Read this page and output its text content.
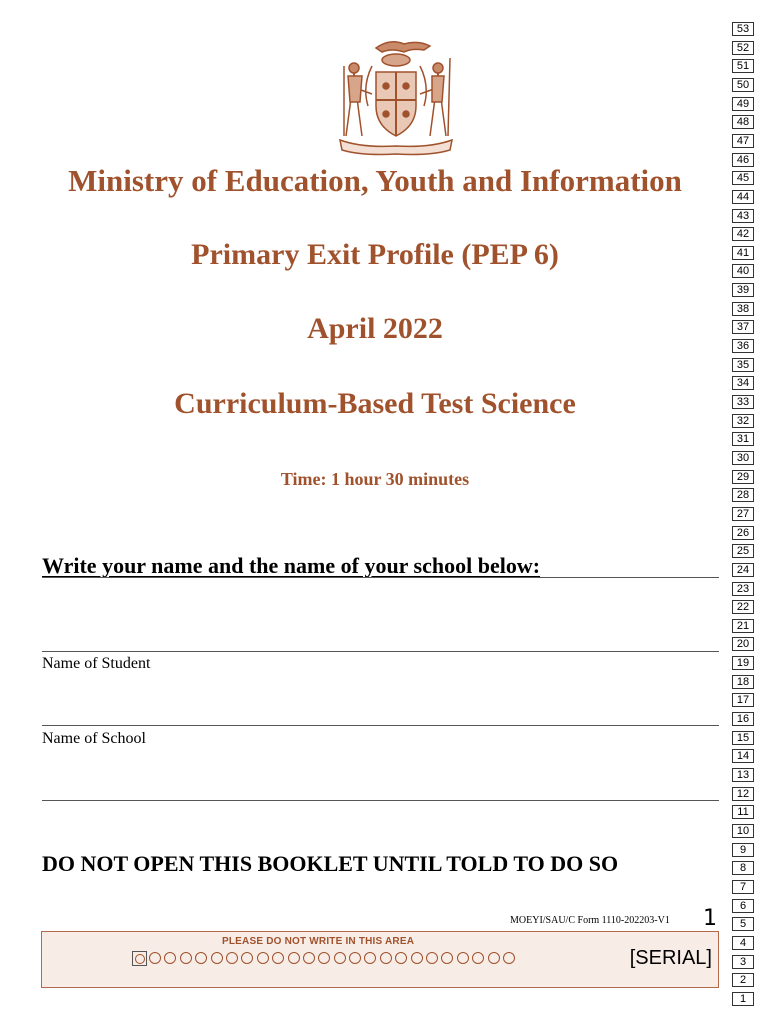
Ministry of Education, Youth and Information
Primary Exit Profile (PEP 6)
April 2022
Curriculum-Based Test Science
Time: 1 hour 30 minutes
Write your name and the name of your school below:
Name of Student
Name of School
DO NOT OPEN THIS BOOKLET UNTIL TOLD TO DO SO
MOEYI/SAU/C Form 1110-202203-V1 1
PLEASE DO NOT WRITE IN THIS AREA
[SERIAL]
53
52
51
50
49
48
47
46
45
44
43
42
41
40
39
38
37
36
35
34
33
32
31
30
29
28
27
26
25
24
23
22
21
20
19
18
17
16
15
14
13
12
11
10
9
8
7
6
5
4
3
2
1
